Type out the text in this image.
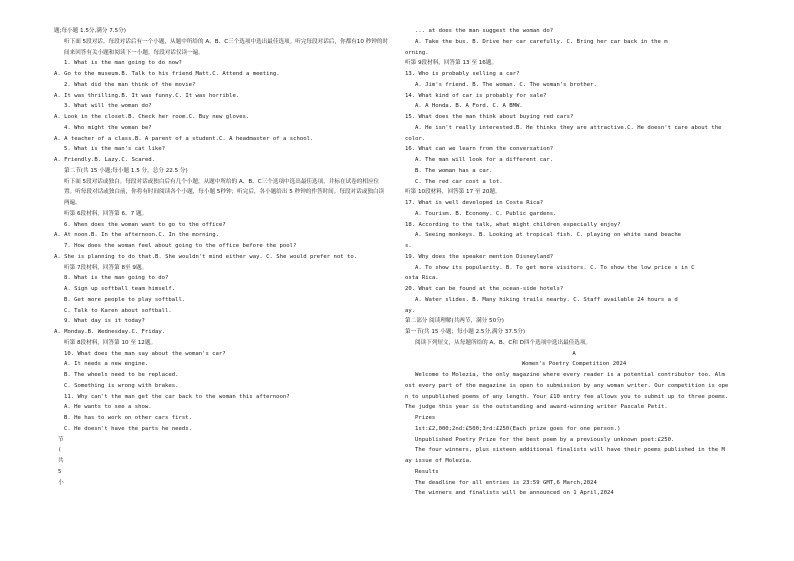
题;每小题 1.5分,满分 7.5分)
听下面 5段对话。每段对话后有一个小题，从题中所给的 A、B、C三个选项中选出最佳选项。听完每段对话后，你都有10 秒钟的时间来回答有关小题和阅读下一小题。每段对话仅读一遍。
1. What is the man going to do now?
A. Go to the museum.B. Talk to his friend Matt.C. Attend a meeting.
2. What did the man think of the movie?
A. It was thrilling.B. It was funny.C. It was horrible.
3. What will the woman do?
A. Look in the closet.B. Check her room.C. Buy new gloves.
4. Who might the woman be?
A. A teacher of a class.B. A parent of a student.C. A headmaster of a school.
5. What is the man's cat like?
A. Friendly.B. Lazy.C. Scared.
第二节(共 15 小题;每小题 1.5 分，总分 22.5 分)
听下面 5段对话或独白。每段对话或独白后有几个小题，从题中所给的 A、B、C三个选项中选出最佳选项，并标在试卷的相应位置。听每段对话或独白前，你将有时间阅读各个小题，每小题 5秒钟；听完后，各小题给出 5 秒钟的作答时间。每段对话或独白读两遍。
听第 6段材料，回答第 6、7 题。
6. When does the woman want to go to the office?
A. At noon.B. In the afternoon.C. In the morning.
7. How does the woman feel about going to the office before the pool?
A. She is planning to do that.B. She wouldn't mind either way. C. She would prefer not to.
听第 7段材料，回答第 8至 9题。
8. What is the man going to do?
A. Sign up softball team himself.
B. Get more people to play softball.
C. Talk to Karen about softball.
9. What day is it today?
A. Monday.B. Wednesday.C. Friday.
听第 8段材料，回答第 10 至 12题。
10. What does the man say about the woman's car?
A. It needs a new engine.
B. The wheels need to be replaced.
C. Something is wrong with brakes.
11. Why can't the man get the car back to the woman this afternoon?
A. He wants to see a show.
B. He has to work on other cars first.
C. He doesn't have the parts he needs.
节
(
共
5
小
... at does the man suggest the woman do?
A. Take the bus. B. Drive her car carefully. C. Bring her car back in the m
orning.
听第 9段材料，回答第 13 至 16题。
13. Who is probably selling a car?
A. Jim's friend. B. The woman. C. The woman's brother.
14. What kind of car is probably for sale?
A. A Honda. B. A Ford. C. A BMW.
15. What does the man think about buying red cars?
A. He isn't really interested.B. He thinks they are attractive.C. He doesn't care about the
color.
16. What can we learn from the conversation?
A. The man will look for a different car.
B. The woman has a car.
C. The red car cost a lot.
听第 10段材料，回答第 17 至 20题。
17. What is well developed in Costa Rica?
A. Tourism. B. Economy. C. Public gardens.
18. According to the talk, what might children especially enjoy?
A. Seeing monkeys. B. Looking at tropical fish. C. playing on white sand beache
s.
19. Why does the speaker mention Disneyland?
A. To show its popularity. B. To get more visitors. C. To show the low price s in C
osta Rica.
20. What can be found at the ocean-side hotels?
A. Water slides. B. Many hiking trails nearby. C. Staff available 24 hours a d
ay.
第二部分 阅读理解(共两节，满分 50分)
第一节(共 15 小题；每小题 2.5分,满分 37.5分)
阅读下列短文，从每题所给的 A、B、C和 D四个选项中选出最佳选项。
A
Women's Poetry Competition 2024
Welcome to Molezia, the only magazine where every reader is a potential contributor too. Alm
ost every part of the magazine is open to submission by any woman writer. Our competition is ope
n to unpublished poems of any length. Your £10 entry fee allows you to submit up to three poems.
The judge this year is the outstanding and award-winning writer Pascale Petit.
Prizes
1st:£2,000;2nd:£500;3rd:£250(Each prize goes for one person.)
Unpublished Poetry Prize for the best poem by a previously unknown poet:£250.
The four winners, plus sixteen additional finalists will have their poems published in the M
ay issue of Molezia.
Results
The deadline for all entries is 23:59 GMT,6 March,2024
The winners and finalists will be announced on 1 April,2024
